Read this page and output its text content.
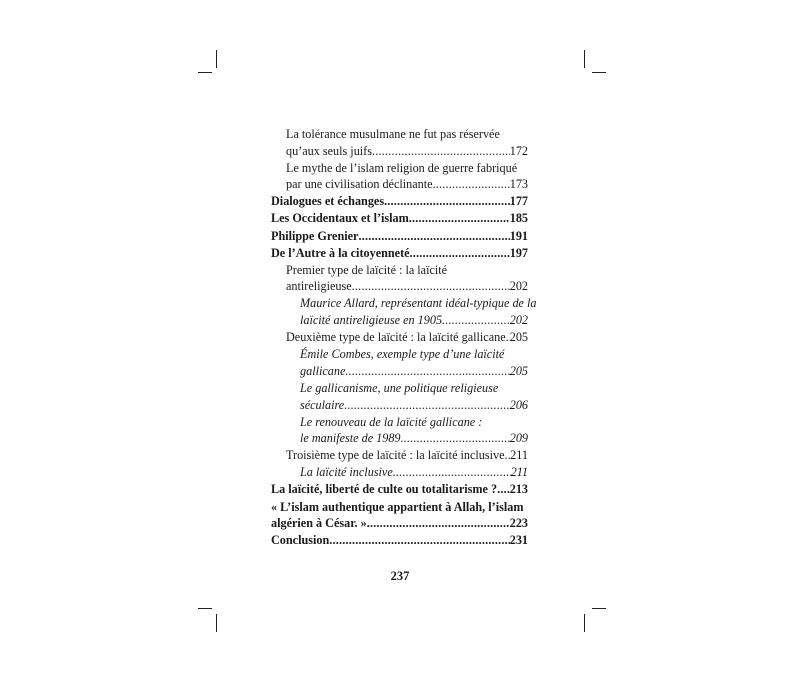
La tolérance musulmane ne fut pas réservée
qu’aux seuls juifs .....	172
Le mythe de l’islam religion de guerre fabriqué
par une civilisation déclinante .....	173
Dialogues et échanges .....	177
Les Occidentaux et l’islam .....	185
Philippe Grenier .....	191
De l’Autre à la citoyenneté .....	197
Premier type de laïcité : la laïcité
antireligieuse .....	202
Maurice Allard, représentant idéal-typique de la
laïcité antireligieuse en 1905 .....	202
Deuxième type de laïcité : la laïcité gallicane ..... 205
Émile Combes, exemple type d’une laïcité
gallicane .....	205
Le gallicanisme, une politique religieuse
séculaire .....	206
Le renouveau de la laïcité gallicane :
le manifeste de 1989 .....	209
Troisième type de laïcité : la laïcité inclusive ..... 211
La laïcité inclusive .....	211
La laïcité, liberté de culte ou totalitarisme ? ..... 213
« L’islam authentique appartient à Allah, l’islam
algérien à César. » .....	223
Conclusion .....	231
237
